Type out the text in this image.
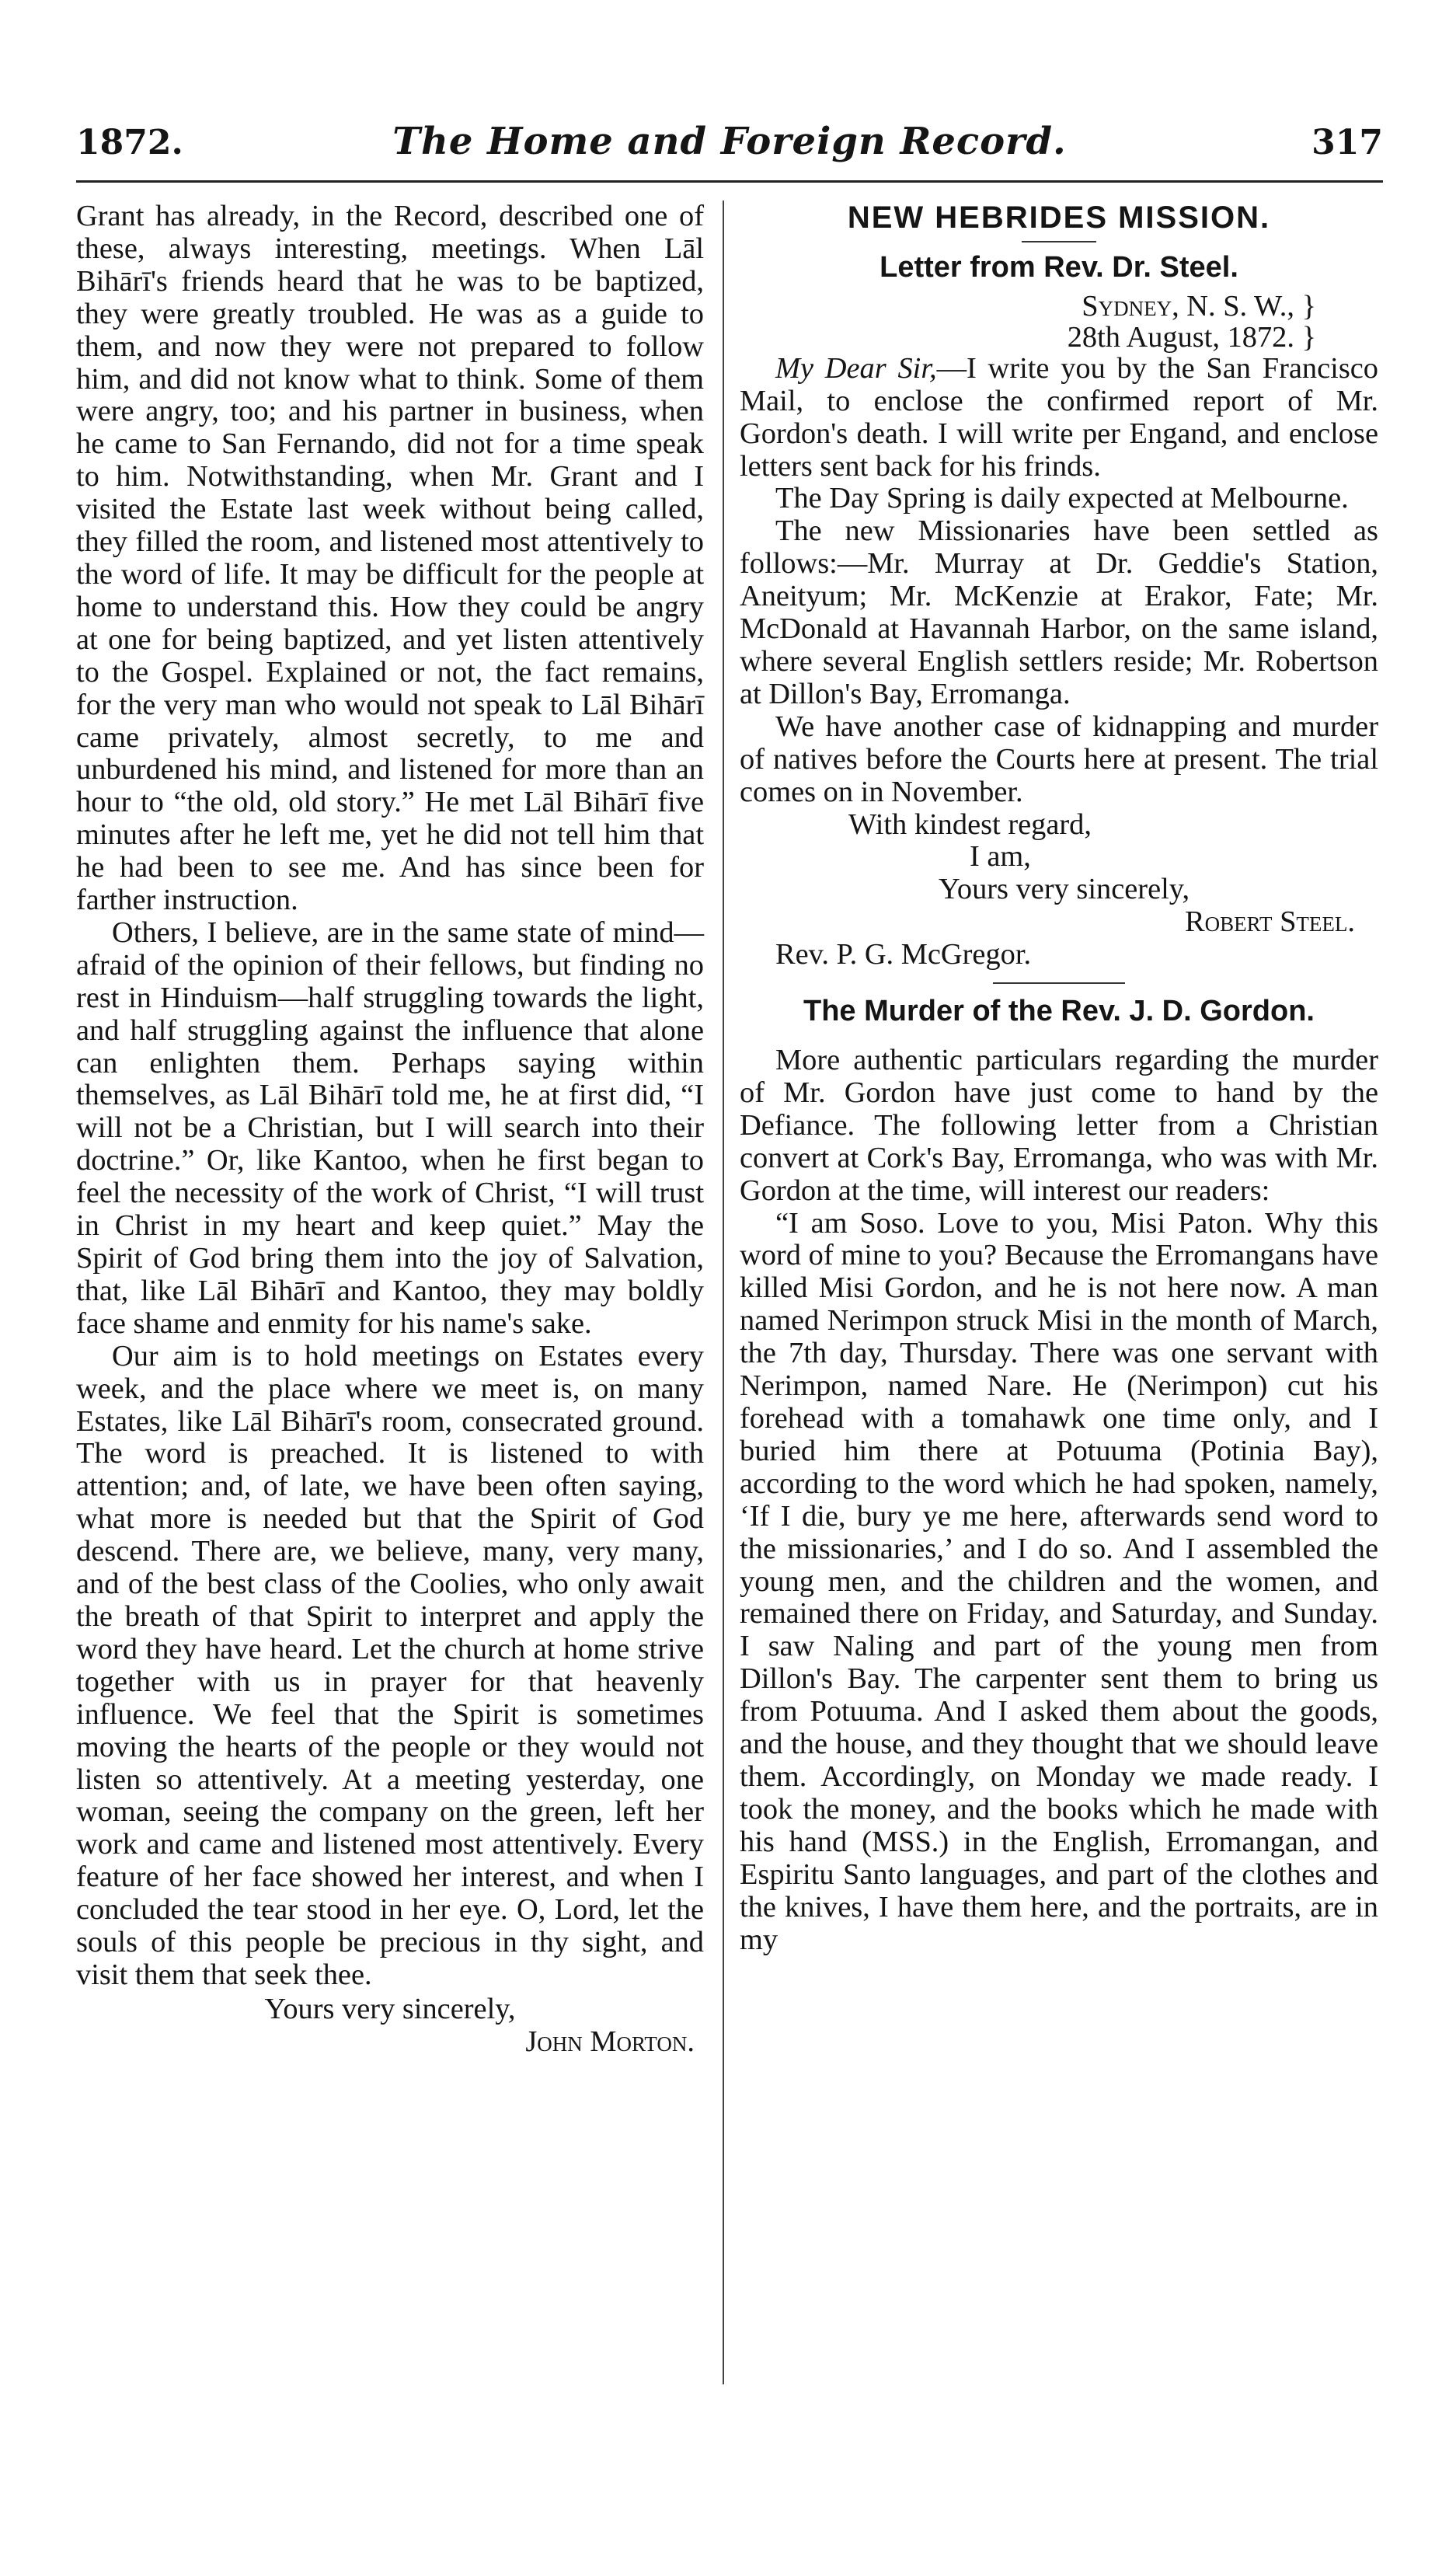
1872.	The Home and Foreign Record.	317

Grant has already, in the Record, described one of these, always interesting, meetings. When Lāl Bihārī's friends heard that he was to be baptized, they were greatly troubled. He was as a guide to them, and now they were not prepared to follow him, and did not know what to think. Some of them were angry, too; and his partner in business, when he came to San Fernando, did not for a time speak to him. Notwithstanding, when Mr. Grant and I visited the Estate last week without being called, they filled the room, and listened most attentively to the word of life. It may be difficult for the people at home to understand this. How they could be angry at one for being baptized, and yet listen attentively to the Gospel. Explained or not, the fact remains, for the very man who would not speak to Lāl Bihārī came privately, almost secretly, to me and unburdened his mind, and listened for more than an hour to “the old, old story.” He met Lāl Bihārī five minutes after he left me, yet he did not tell him that he had been to see me. And has since been for farther instruction.

Others, I believe, are in the same state of mind—afraid of the opinion of their fellows, but finding no rest in Hinduism—half struggling towards the light, and half struggling against the influence that alone can enlighten them. Perhaps saying within themselves, as Lāl Bihārī told me, he at first did, “I will not be a Christian, but I will search into their doctrine.” Or, like Kantoo, when he first began to feel the necessity of the work of Christ, “I will trust in Christ in my heart and keep quiet.” May the Spirit of God bring them into the joy of Salvation, that, like Lāl Bihārī and Kantoo, they may boldly face shame and enmity for his name's sake.

Our aim is to hold meetings on Estates every week, and the place where we meet is, on many Estates, like Lāl Bihārī's room, consecrated ground. The word is preached. It is listened to with attention; and, of late, we have been often saying, what more is needed but that the Spirit of God descend. There are, we believe, many, very many, and of the best class of the Coolies, who only await the breath of that Spirit to interpret and apply the word they have heard. Let the church at home strive together with us in prayer for that heavenly influence. We feel that the Spirit is sometimes moving the hearts of the people or they would not listen so attentively. At a meeting yesterday, one woman, seeing the company on the green, left her work and came and listened most attentively. Every feature of her face showed her interest, and when I concluded the tear stood in her eye. O, Lord, let the souls of this people be precious in thy sight, and visit them that seek thee.

Yours very sincerely,

John Morton.

NEW HEBRIDES MISSION.
Letter from Rev. Dr. Steel.

Sydney, N. S. W., }
28th August, 1872. }

My Dear Sir,—I write you by the San Francisco Mail, to enclose the confirmed report of Mr. Gordon's death. I will write per Engand, and enclose letters sent back for his frinds.

The Day Spring is daily expected at Melbourne.

The new Missionaries have been settled as follows:—Mr. Murray at Dr. Geddie's Station, Aneityum; Mr. McKenzie at Erakor, Fate; Mr. McDonald at Havannah Harbor, on the same island, where several English settlers reside; Mr. Robertson at Dillon's Bay, Erromanga.

We have another case of kidnapping and murder of natives before the Courts here at present. The trial comes on in November.

With kindest regard,

I am,

Yours very sincerely,

Robert Steel.

Rev. P. G. McGregor.

The Murder of the Rev. J. D. Gordon.

More authentic particulars regarding the murder of Mr. Gordon have just come to hand by the Defiance. The following letter from a Christian convert at Cork's Bay, Erromanga, who was with Mr. Gordon at the time, will interest our readers:

“I am Soso. Love to you, Misi Paton. Why this word of mine to you? Because the Erromangans have killed Misi Gordon, and he is not here now. A man named Nerimpon struck Misi in the month of March, the 7th day, Thursday. There was one servant with Nerimpon, named Nare. He (Nerimpon) cut his forehead with a tomahawk one time only, and I buried him there at Potuuma (Potinia Bay), according to the word which he had spoken, namely, ‘If I die, bury ye me here, afterwards send word to the missionaries,’ and I do so. And I assembled the young men, and the children and the women, and remained there on Friday, and Saturday, and Sunday. I saw Naling and part of the young men from Dillon's Bay. The carpenter sent them to bring us from Potuuma. And I asked them about the goods, and the house, and they thought that we should leave them. Accordingly, on Monday we made ready. I took the money, and the books which he made with his hand (MSS.) in the English, Erromangan, and Espiritu Santo languages, and part of the clothes and the knives, I have them here, and the portraits, are in my
